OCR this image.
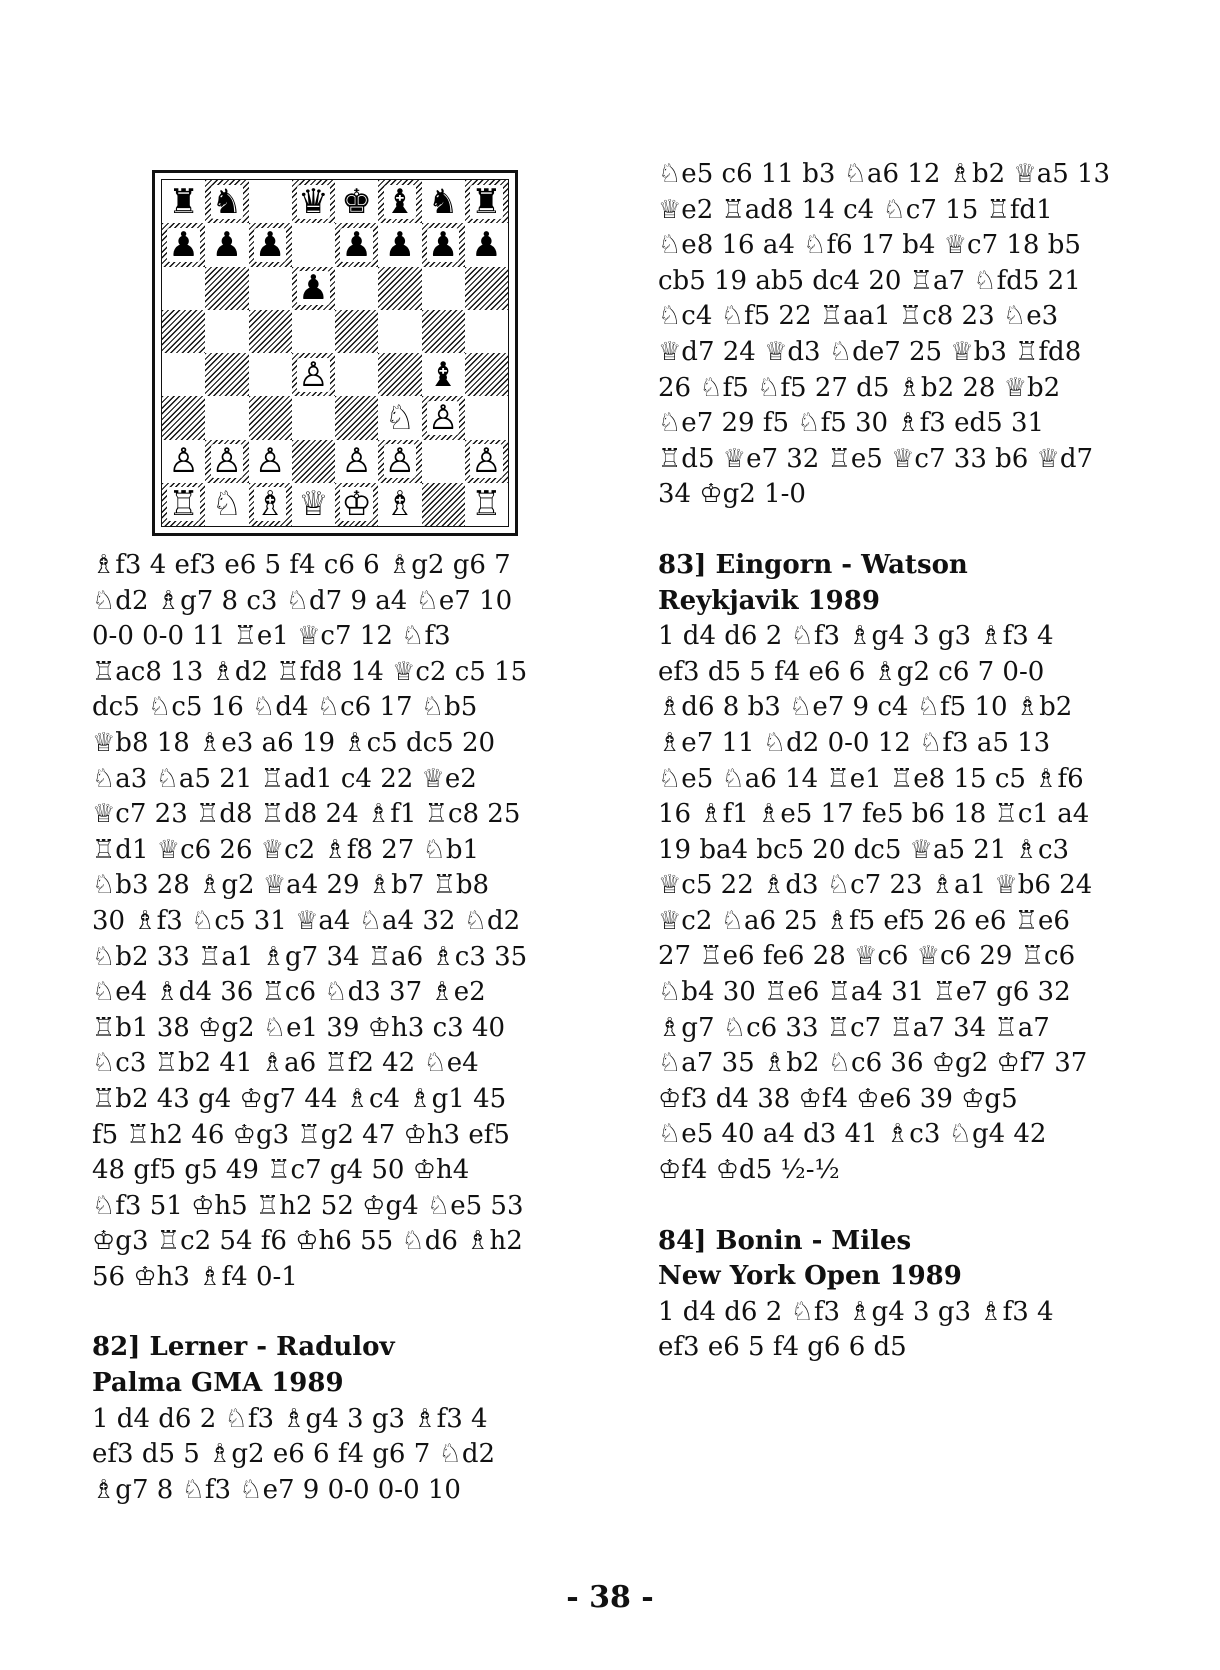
♜ ♞ ♛ ♚ ♝ ♞ ♜
♟ ♟ ♟ ♟ ♟ ♟ ♟
♟
♙	♝
♘ ♙
♙ ♙ ♙ ♙ ♙ ♙
♖ ♘ ♗ ♕ ♔ ♗ ♖
♗f3 4 ef3 e6 5 f4 c6 6 ♗g2 g6 7
♘d2 ♗g7 8 c3 ♘d7 9 a4 ♘e7 10
0-0 0-0 11 ♖e1 ♕c7 12 ♘f3
♖ac8 13 ♗d2 ♖fd8 14 ♕c2 c5 15
dc5 ♘c5 16 ♘d4 ♘c6 17 ♘b5
♕b8 18 ♗e3 a6 19 ♗c5 dc5 20
♘a3 ♘a5 21 ♖ad1 c4 22 ♕e2
♕c7 23 ♖d8 ♖d8 24 ♗f1 ♖c8 25
♖d1 ♕c6 26 ♕c2 ♗f8 27 ♘b1
♘b3 28 ♗g2 ♕a4 29 ♗b7 ♖b8
30 ♗f3 ♘c5 31 ♕a4 ♘a4 32 ♘d2
♘b2 33 ♖a1 ♗g7 34 ♖a6 ♗c3 35
♘e4 ♗d4 36 ♖c6 ♘d3 37 ♗e2
♖b1 38 ♔g2 ♘e1 39 ♔h3 c3 40
♘c3 ♖b2 41 ♗a6 ♖f2 42 ♘e4
♖b2 43 g4 ♔g7 44 ♗c4 ♗g1 45
f5 ♖h2 46 ♔g3 ♖g2 47 ♔h3 ef5
48 gf5 g5 49 ♖c7 g4 50 ♔h4
♘f3 51 ♔h5 ♖h2 52 ♔g4 ♘e5 53
♔g3 ♖c2 54 f6 ♔h6 55 ♘d6 ♗h2
56 ♔h3 ♗f4 0-1
82] Lerner - Radulov
Palma GMA 1989
1 d4 d6 2 ♘f3 ♗g4 3 g3 ♗f3 4
ef3 d5 5 ♗g2 e6 6 f4 g6 7 ♘d2
♗g7 8 ♘f3 ♘e7 9 0-0 0-0 10
♘e5 c6 11 b3 ♘a6 12 ♗b2 ♕a5 13
♕e2 ♖ad8 14 c4 ♘c7 15 ♖fd1
♘e8 16 a4 ♘f6 17 b4 ♕c7 18 b5
cb5 19 ab5 dc4 20 ♖a7 ♘fd5 21
♘c4 ♘f5 22 ♖aa1 ♖c8 23 ♘e3
♕d7 24 ♕d3 ♘de7 25 ♕b3 ♖fd8
26 ♘f5 ♘f5 27 d5 ♗b2 28 ♕b2
♘e7 29 f5 ♘f5 30 ♗f3 ed5 31
♖d5 ♕e7 32 ♖e5 ♕c7 33 b6 ♕d7
34 ♔g2 1-0
83] Eingorn - Watson
Reykjavik 1989
1 d4 d6 2 ♘f3 ♗g4 3 g3 ♗f3 4
ef3 d5 5 f4 e6 6 ♗g2 c6 7 0-0
♗d6 8 b3 ♘e7 9 c4 ♘f5 10 ♗b2
♗e7 11 ♘d2 0-0 12 ♘f3 a5 13
♘e5 ♘a6 14 ♖e1 ♖e8 15 c5 ♗f6
16 ♗f1 ♗e5 17 fe5 b6 18 ♖c1 a4
19 ba4 bc5 20 dc5 ♕a5 21 ♗c3
♕c5 22 ♗d3 ♘c7 23 ♗a1 ♕b6 24
♕c2 ♘a6 25 ♗f5 ef5 26 e6 ♖e6
27 ♖e6 fe6 28 ♕c6 ♕c6 29 ♖c6
♘b4 30 ♖e6 ♖a4 31 ♖e7 g6 32
♗g7 ♘c6 33 ♖c7 ♖a7 34 ♖a7
♘a7 35 ♗b2 ♘c6 36 ♔g2 ♔f7 37
♔f3 d4 38 ♔f4 ♔e6 39 ♔g5
♘e5 40 a4 d3 41 ♗c3 ♘g4 42
♔f4 ♔d5 ½-½
84] Bonin - Miles
New York Open 1989
1 d4 d6 2 ♘f3 ♗g4 3 g3 ♗f3 4
ef3 e6 5 f4 g6 6 d5
- 38 -
